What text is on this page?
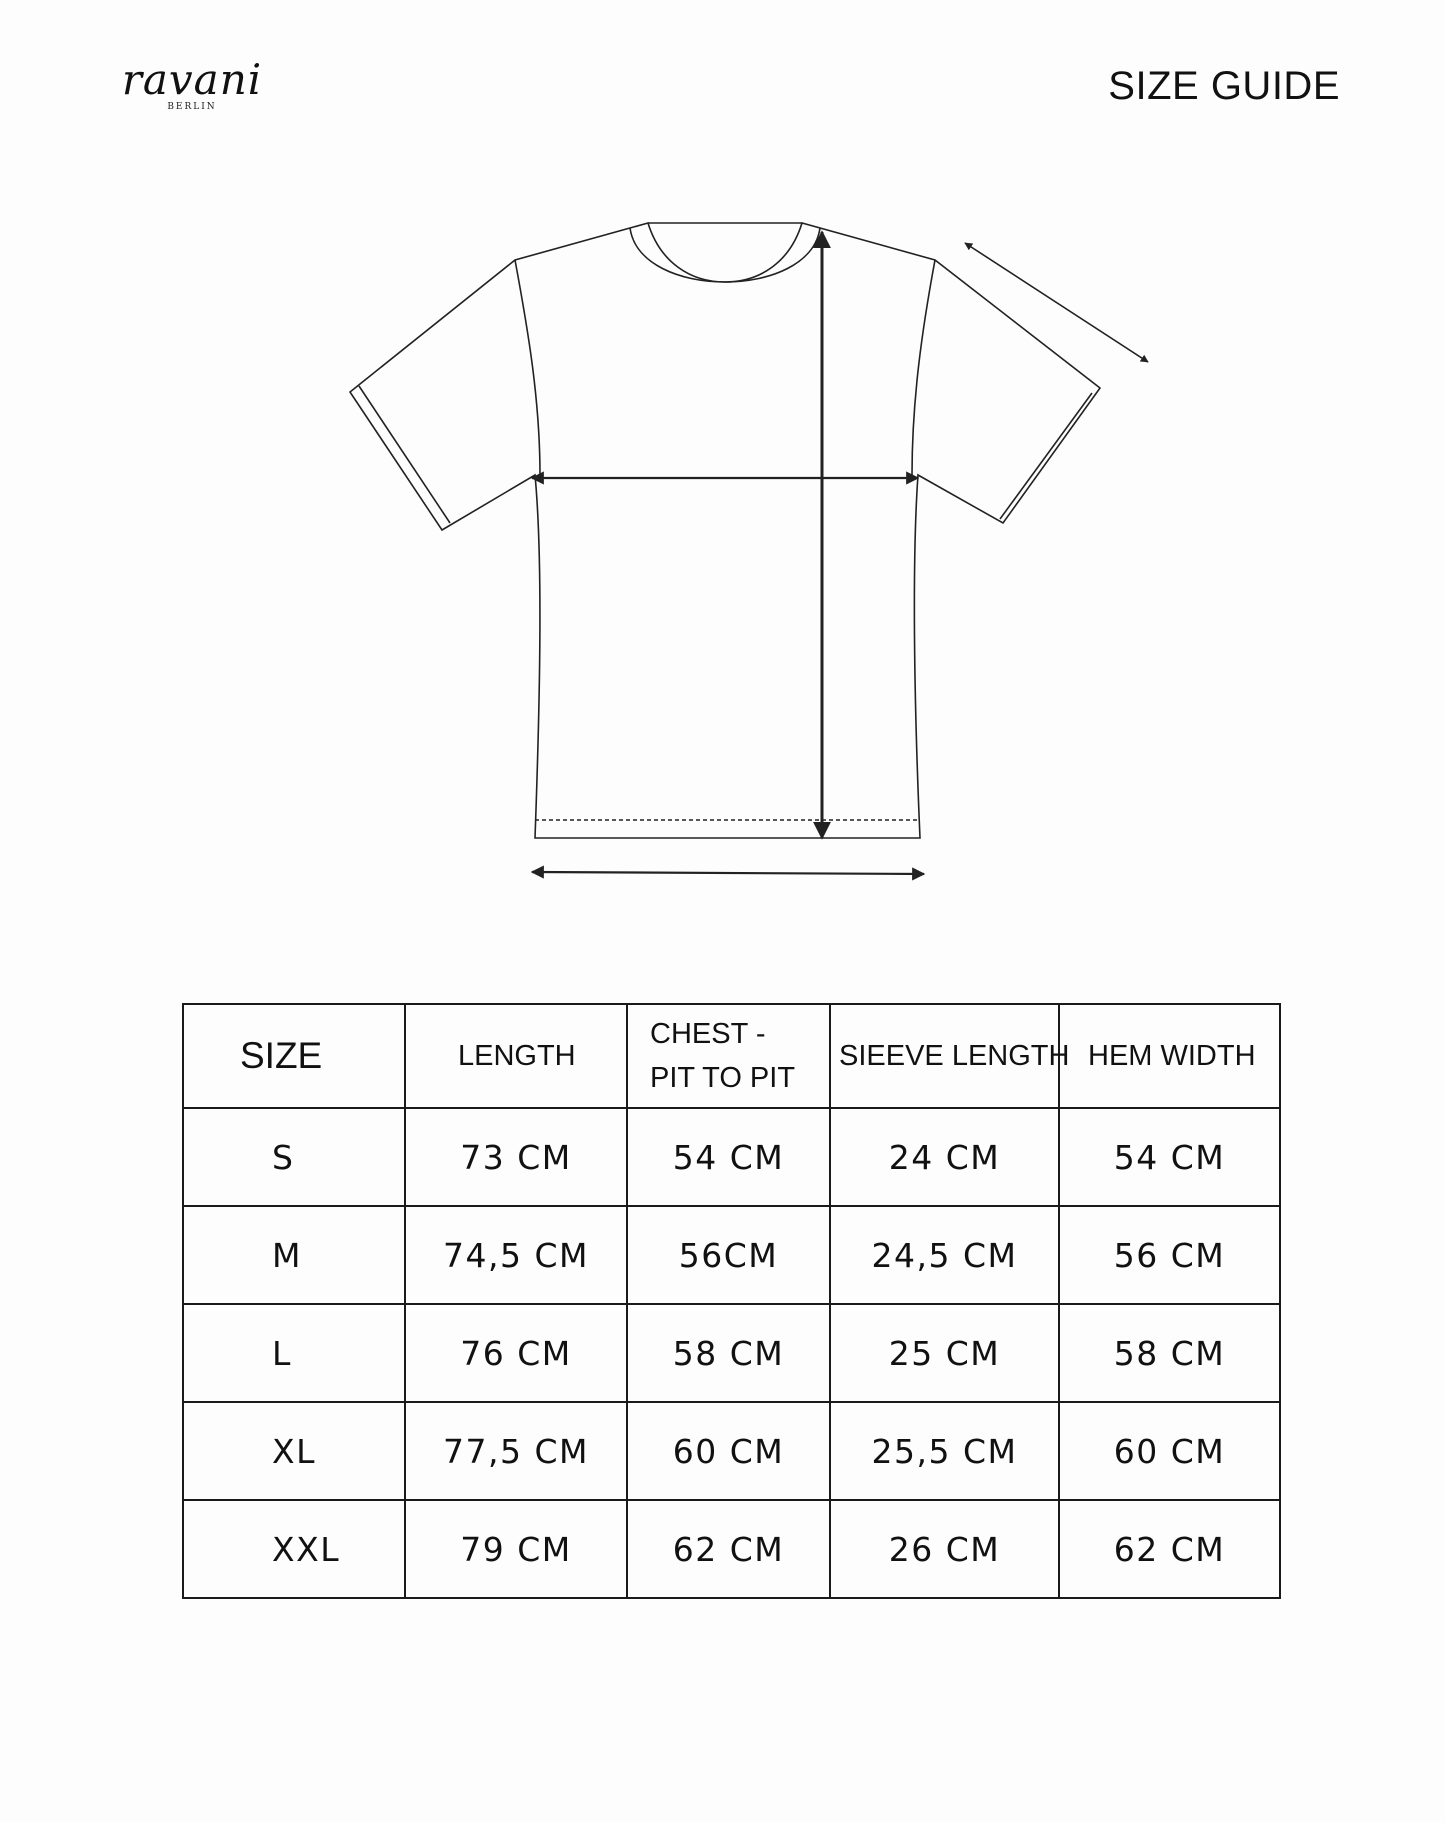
ravani
BERLIN	SIZE GUIDE
SIZE	LENGTH	CHEST - PIT TO PIT	SIEEVE LENGTH	HEM WIDTH
S	73 CM	54 CM	24 CM	54 CM
M	74,5 CM	56CM	24,5 CM	56 CM
L	76 CM	58 CM	25 CM	58 CM
XL	77,5 CM	60 CM	25,5 CM	60 CM
XXL	79 CM	62 CM	26 CM	62 CM
